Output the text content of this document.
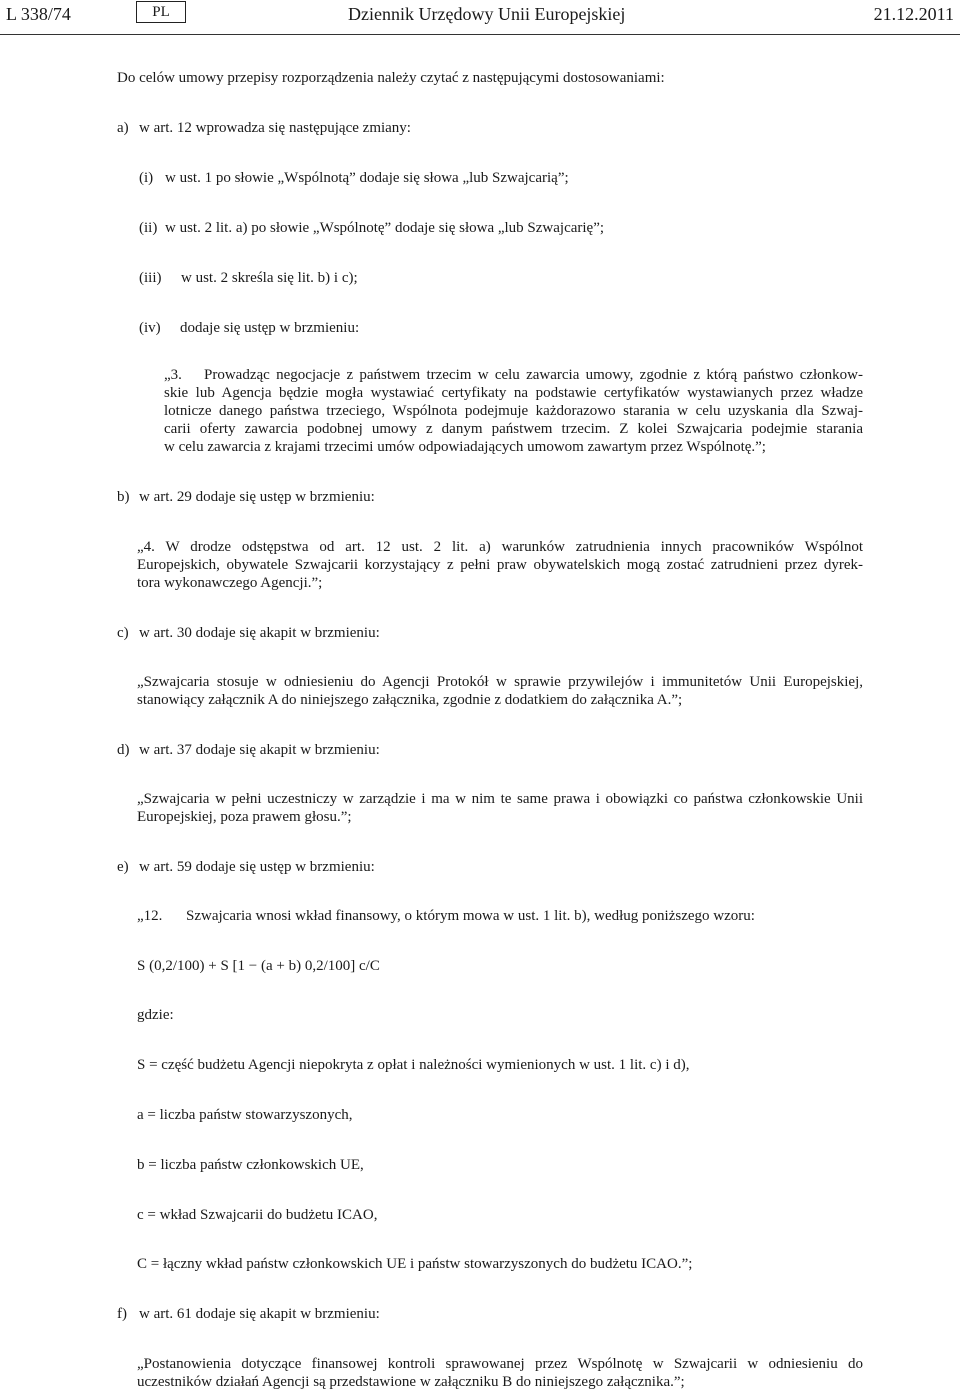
L 338/74	PL	Dziennik Urzędowy Unii Europejskiej	21.12.2011
Do celów umowy przepisy rozporządzenia należy czytać z następującymi dostosowaniami:
a) w art. 12 wprowadza się następujące zmiany:
(i) w ust. 1 po słowie „Wspólnotą” dodaje się słowa „lub Szwajcarią”;
(ii) w ust. 2 lit. a) po słowie „Wspólnotę” dodaje się słowa „lub Szwajcarię”;
(iii) w ust. 2 skreśla się lit. b) i c);
(iv) dodaje się ustęp w brzmieniu:
„3.	Prowadząc negocjacje z państwem trzecim w celu zawarcia umowy, zgodnie z którą państwo członkow-
skie lub Agencja będzie mogła wystawiać certyfikaty na podstawie certyfikatów wystawianych przez władze
lotnicze danego państwa trzeciego, Wspólnota podejmuje każdorazowo starania w celu uzyskania dla Szwaj-
carii oferty zawarcia podobnej umowy z danym państwem trzecim. Z kolei Szwajcaria podejmie starania
w celu zawarcia z krajami trzecimi umów odpowiadających umowom zawartym przez Wspólnotę.”;
b) w art. 29 dodaje się ustęp w brzmieniu:
„4. W drodze odstępstwa od art. 12 ust. 2 lit. a) warunków zatrudnienia innych pracowników Wspólnot
Europejskich, obywatele Szwajcarii korzystający z pełni praw obywatelskich mogą zostać zatrudnieni przez dyrek-
tora wykonawczego Agencji.”;
c) w art. 30 dodaje się akapit w brzmieniu:
„Szwajcaria stosuje w odniesieniu do Agencji Protokół w sprawie przywilejów i immunitetów Unii Europejskiej,
stanowiący załącznik A do niniejszego załącznika, zgodnie z dodatkiem do załącznika A.”;
d) w art. 37 dodaje się akapit w brzmieniu:
„Szwajcaria w pełni uczestniczy w zarządzie i ma w nim te same prawa i obowiązki co państwa członkowskie Unii
Europejskiej, poza prawem głosu.”;
e) w art. 59 dodaje się ustęp w brzmieniu:
„12. Szwajcaria wnosi wkład finansowy, o którym mowa w ust. 1 lit. b), według poniższego wzoru:
S (0,2/100) + S [1 − (a + b) 0,2/100] c/C
gdzie:
S = część budżetu Agencji niepokryta z opłat i należności wymienionych w ust. 1 lit. c) i d),
a = liczba państw stowarzyszonych,
b = liczba państw członkowskich UE,
c = wkład Szwajcarii do budżetu ICAO,
C = łączny wkład państw członkowskich UE i państw stowarzyszonych do budżetu ICAO.”;
f) w art. 61 dodaje się akapit w brzmieniu:
„Postanowienia dotyczące finansowej kontroli sprawowanej przez Wspólnotę w Szwajcarii w odniesieniu do
uczestników działań Agencji są przedstawione w załączniku B do niniejszego załącznika.”;
